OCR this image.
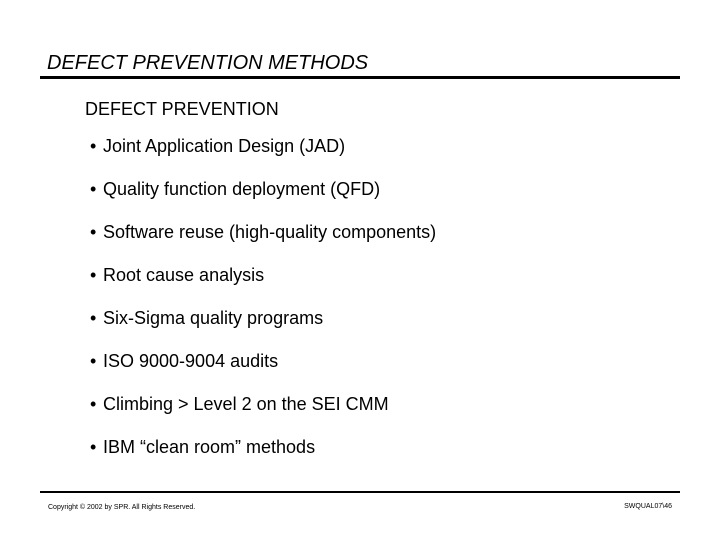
DEFECT PREVENTION METHODS
DEFECT PREVENTION
• Joint Application Design (JAD)
• Quality function deployment (QFD)
• Software reuse (high-quality components)
• Root cause analysis
• Six-Sigma quality programs
• ISO 9000-9004 audits
• Climbing > Level 2 on the SEI CMM
• IBM “clean room” methods
Copyright © 2002 by SPR. All Rights Reserved.	SWQUAL07\46
